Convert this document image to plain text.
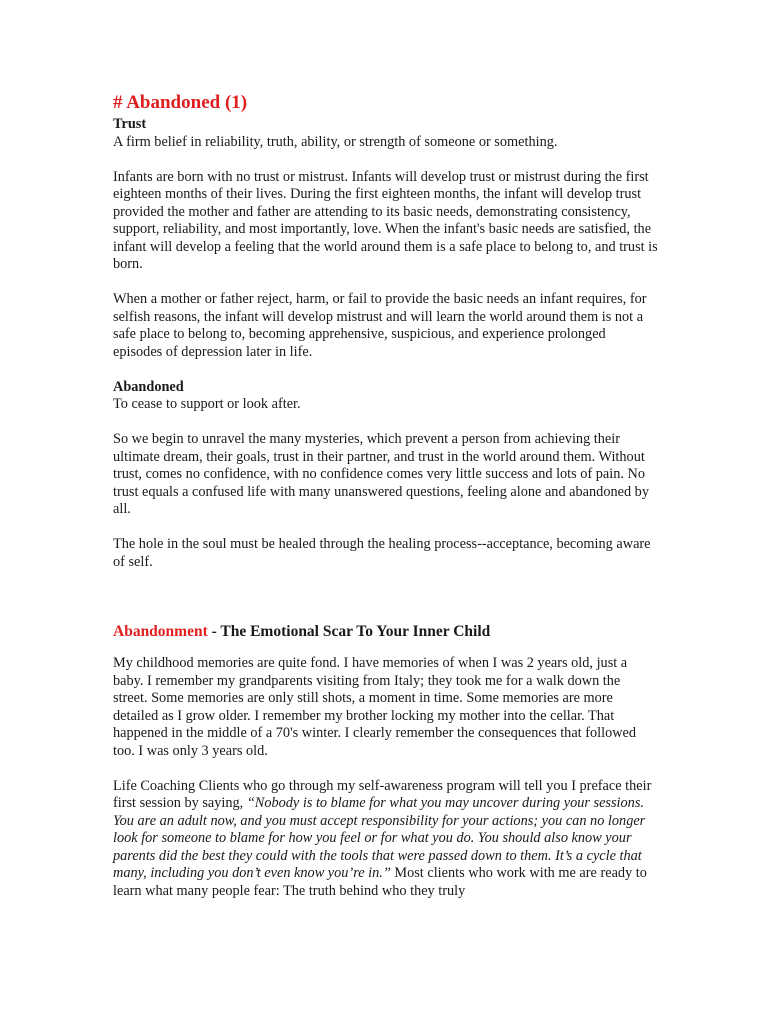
# Abandoned (1)
Trust

A firm belief in reliability, truth, ability, or strength of someone or something.

Infants are born with no trust or mistrust. Infants will develop trust or mistrust during the first eighteen months of their lives. During the first eighteen months, the infant will develop trust provided the mother and father are attending to its basic needs, demonstrating consistency, support, reliability, and most importantly, love. When the infant's basic needs are satisfied, the infant will develop a feeling that the world around them is a safe place to belong to, and trust is born.

When a mother or father reject, harm, or fail to provide the basic needs an infant requires, for selfish reasons, the infant will develop mistrust and will learn the world around them is not a safe place to belong to, becoming apprehensive, suspicious, and experience prolonged episodes of depression later in life.

Abandoned

To cease to support or look after.

So we begin to unravel the many mysteries, which prevent a person from achieving their ultimate dream, their goals, trust in their partner, and trust in the world around them. Without trust, comes no confidence, with no confidence comes very little success and lots of pain. No trust equals a confused life with many unanswered questions, feeling alone and abandoned by all.

The hole in the soul must be healed through the healing process--acceptance, becoming aware of self.

Abandonment - The Emotional Scar To Your Inner Child

My childhood memories are quite fond. I have memories of when I was 2 years old, just a baby. I remember my grandparents visiting from Italy; they took me for a walk down the street. Some memories are only still shots, a moment in time. Some memories are more detailed as I grow older. I remember my brother locking my mother into the cellar. That happened in the middle of a 70's winter. I clearly remember the consequences that followed too. I was only 3 years old.

Life Coaching Clients who go through my self-awareness program will tell you I preface their first session by saying, “Nobody is to blame for what you may uncover during your sessions. You are an adult now, and you must accept responsibility for your actions; you can no longer look for someone to blame for how you feel or for what you do. You should also know your parents did the best they could with the tools that were passed down to them. It’s a cycle that many, including you don’t even know you’re in.” Most clients who work with me are ready to learn what many people fear: The truth behind who they truly
